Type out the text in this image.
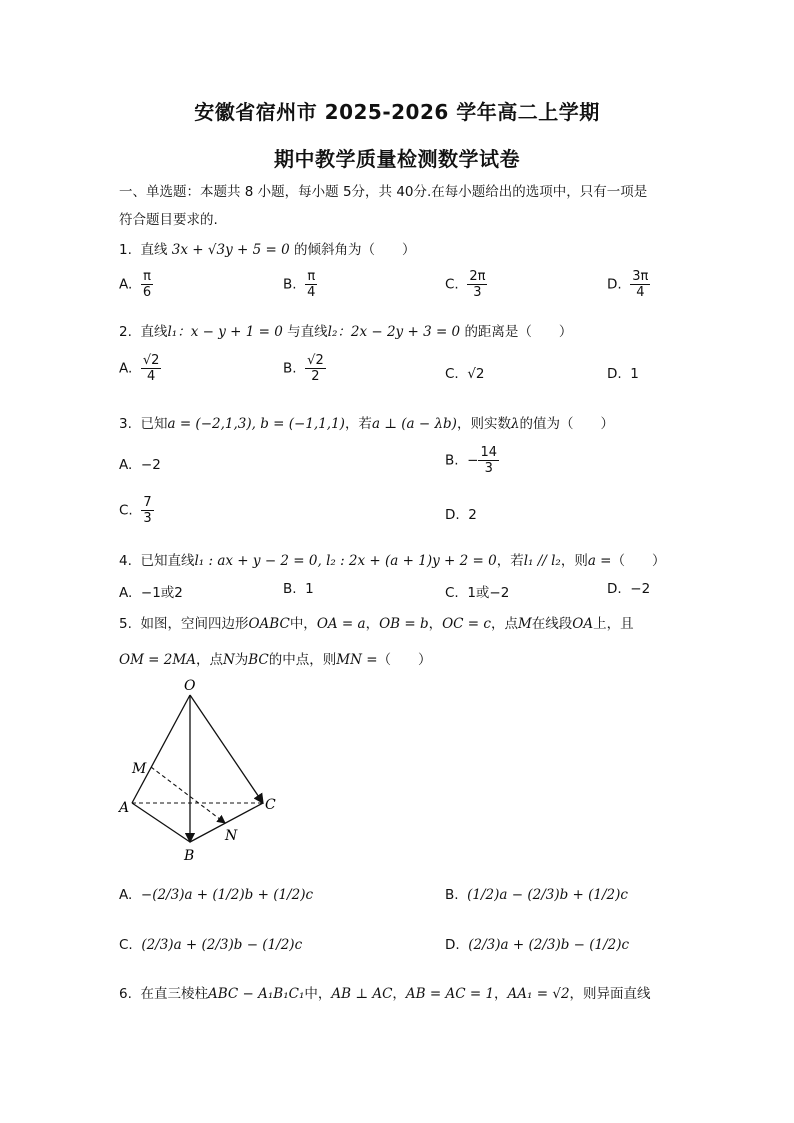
安徽省宿州市 2025-2026 学年高二上学期
期中教学质量检测数学试卷
一、单选题：本题共 8 小题，每小题 5分，共 40分.在每小题给出的选项中，只有一项是
符合题目要求的.
1. 直线 3x + √3y + 5 = 0 的倾斜角为（　　）
A. $\frac{\pi}{6}$	B. $\frac{\pi}{4}$	C. $\frac{2\pi}{3}$	D. $\frac{3\pi}{4}$
2. 直线l₁：x − y + 1 = 0 与直线l₂：2x − 2y + 3 = 0 的距离是（　　）
A. $\frac{√2}{4}$	B. $\frac{√2}{2}$	C. √2	D. 1
3. 已知a = (−2,1,3), b = (−1,1,1)，若a ⊥ (a − λb)，则实数λ的值为（　　）
A. −2	B. − $\frac{14}{3}$
C. $\frac{7}{3}$	D. 2
4. 已知直线l₁ : ax + y − 2 = 0, l₂ : 2x + (a + 1)y + 2 = 0，若l₁ // l₂，则a =（　　）
A. −1或2	B. 1	C. 1或−2	D. −2
5. 如图，空间四边形OABC中，OA = a，OB = b，OC = c，点M在线段OA上，且
OM = 2MA，点N为BC的中点，则MN =（　　）
O
M
A	C
N
B
A. −(2/3)a + (1/2)b + (1/2)c	B. (1/2)a − (2/3)b + (1/2)c
C. (2/3)a + (2/3)b − (1/2)c	D. (2/3)a + (2/3)b − (1/2)c
6. 在直三棱柱ABC − A₁B₁C₁中，AB ⊥ AC，AB = AC = 1，AA₁ = √2，则异面直线
